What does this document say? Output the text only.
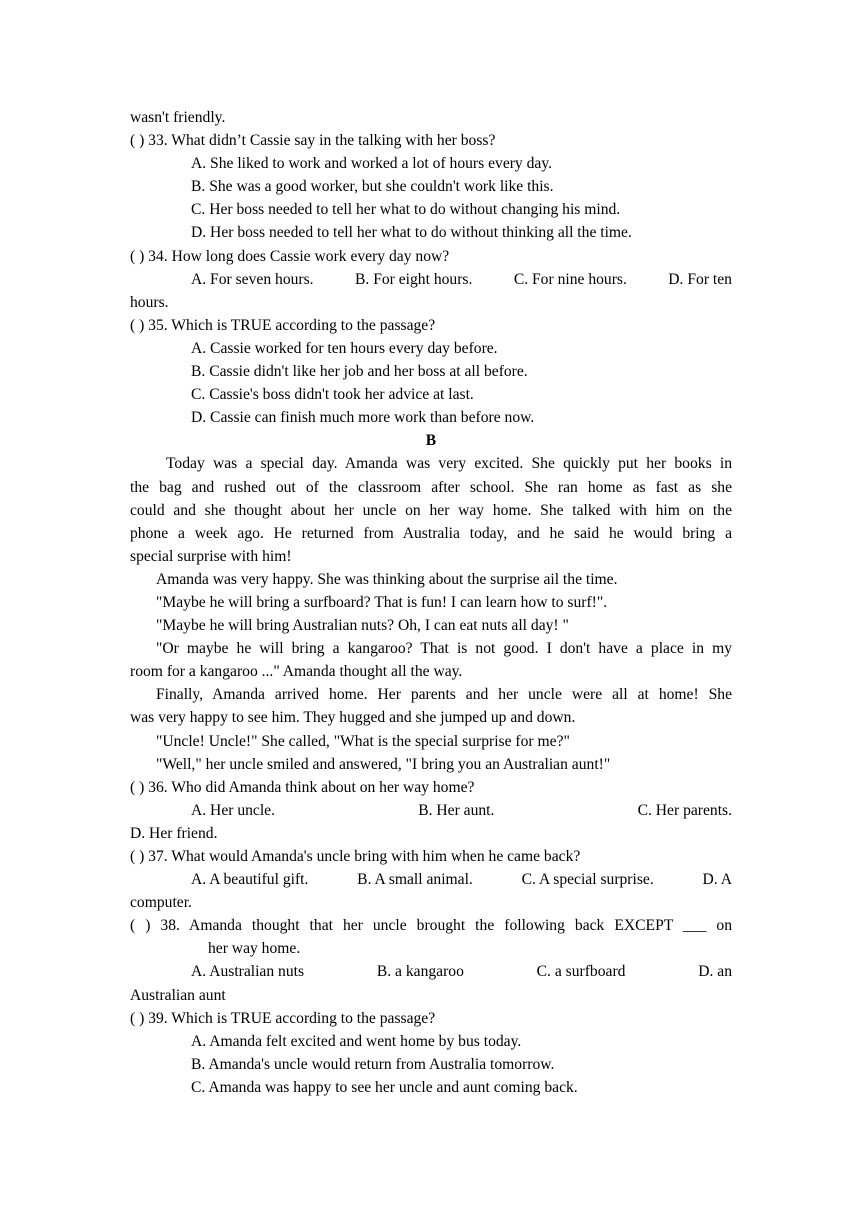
wasn't friendly.
( ) 33. What didn’t Cassie say in the talking with her boss?
A. She liked to work and worked a lot of hours every day.
B. She was a good worker, but she couldn't work like this.
C. Her boss needed to tell her what to do without changing his mind.
D. Her boss needed to tell her what to do without thinking all the time.
( ) 34. How long does Cassie work every day now?
A. For seven hours.	B. For eight hours.	C. For nine hours.	D. For ten
hours.
( ) 35. Which is TRUE according to the passage?
A. Cassie worked for ten hours every day before.
B. Cassie didn't like her job and her boss at all before.
C. Cassie's boss didn't took her advice at last.
D. Cassie can finish much more work than before now.
B
Today was a special day. Amanda was very excited. She quickly put her books in
the bag and rushed out of the classroom after school. She ran home as fast as she
could and she thought about her uncle on her way home. She talked with him on the
phone a week ago. He returned from Australia today, and he said he would bring a
special surprise with him!
Amanda was very happy. She was thinking about the surprise ail the time.
"Maybe he will bring a surfboard? That is fun! I can learn how to surf!".
"Maybe he will bring Australian nuts? Oh, I can eat nuts all day! "
"Or maybe he will bring a kangaroo? That is not good. I don't have a place in my
room for a kangaroo ..." Amanda thought all the way.
Finally, Amanda arrived home. Her parents and her uncle were all at home! She
was very happy to see him. They hugged and she jumped up and down.
"Uncle! Uncle!" She called, "What is the special surprise for me?"
"Well," her uncle smiled and answered, "I bring you an Australian aunt!"
( ) 36. Who did Amanda think about on her way home?
A. Her uncle.	B. Her aunt.	C. Her parents.
D. Her friend.
( ) 37. What would Amanda's uncle bring with him when he came back?
A. A beautiful gift.	B. A small animal.	C. A special surprise.	D. A
computer.
( ) 38. Amanda thought that her uncle brought the following back EXCEPT ___ on
her way home.
A. Australian nuts	B. a kangaroo	C. a surfboard	D. an
Australian aunt
( ) 39. Which is TRUE according to the passage?
A. Amanda felt excited and went home by bus today.
B. Amanda's uncle would return from Australia tomorrow.
C. Amanda was happy to see her uncle and aunt coming back.
